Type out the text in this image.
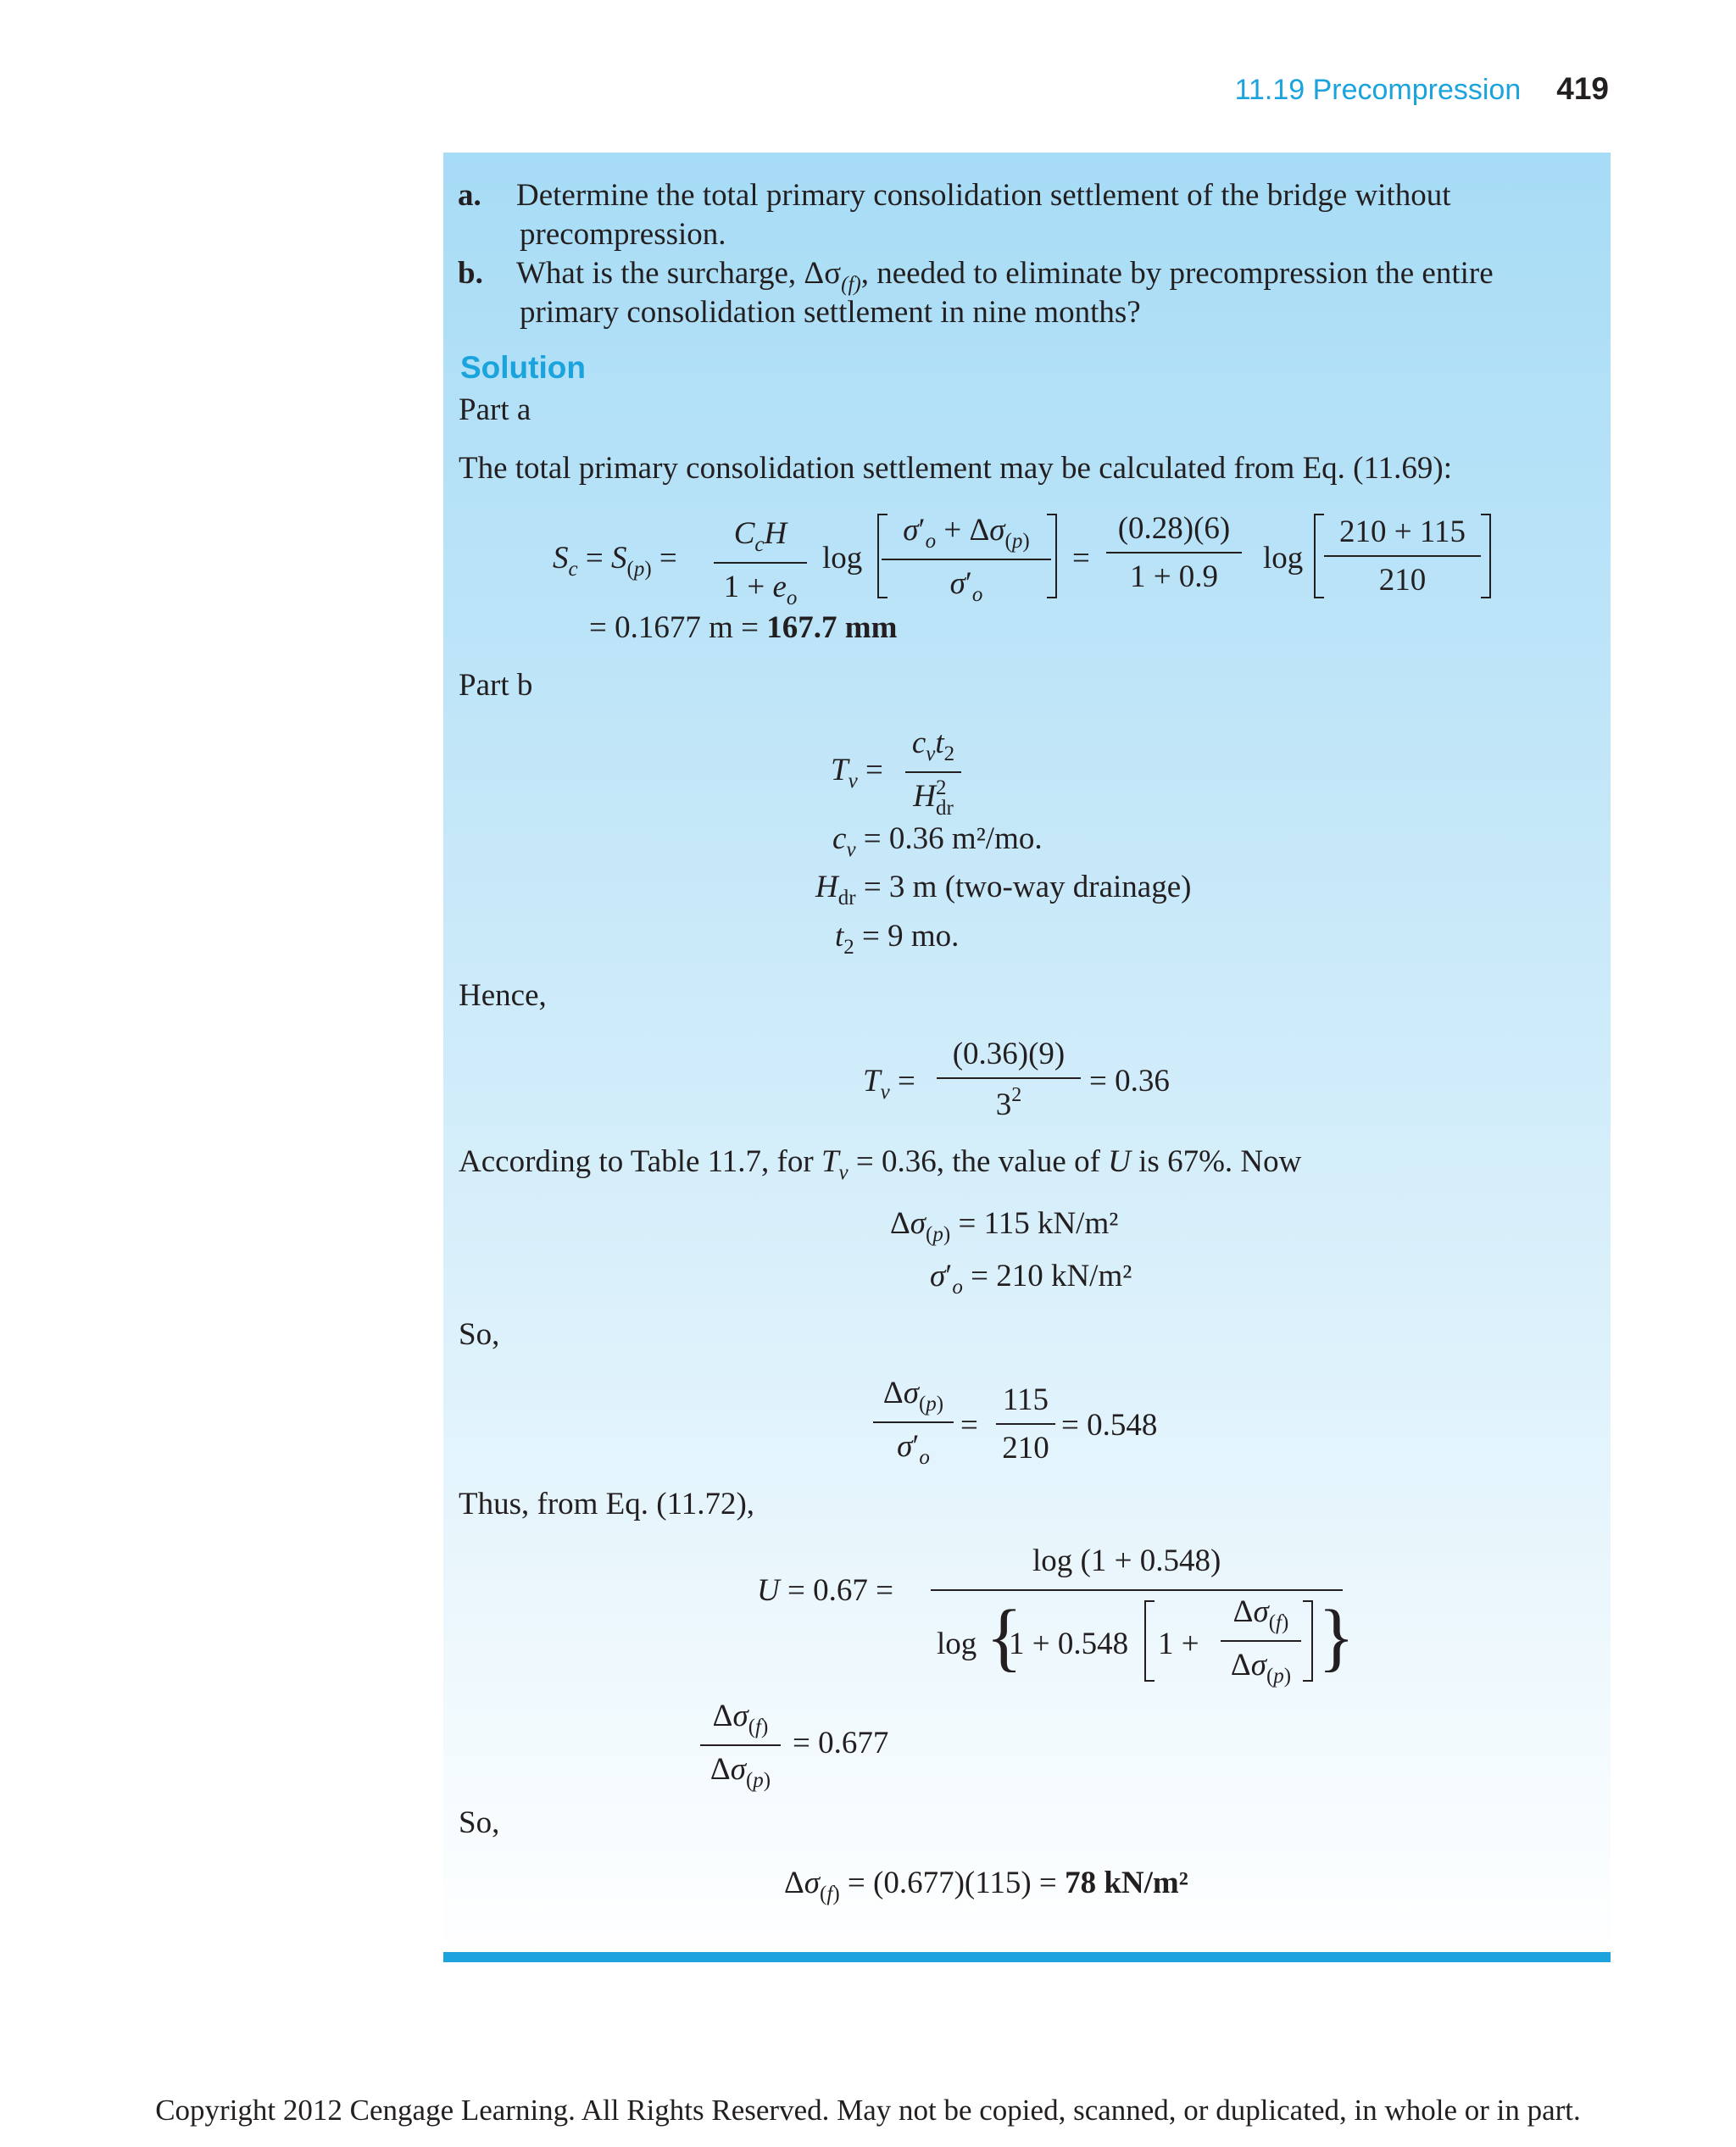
11.19 Precompression 419
a. Determine the total primary consolidation settlement of the bridge without
precompression.
b. What is the surcharge, $\Delta\sigma_{(f)}$, needed to eliminate by precompression the entire
primary consolidation settlement in nine months?
Solution
Part a
The total primary consolidation settlement may be calculated from Eq. (11.69):
$S_c = S_{(p)}$ =
$C_cH$
$1 + e_o$
log
$\sigma'_o + \Delta\sigma_{(p)}$
$\sigma'_o$
=
(0.28)(6)
1 + 0.9
log
210 + 115
210
= 0.1677 m = 167.7 mm
Part b
$T_v$ =
$c_vt_2$
H 2
dr
$c_v = 0.36$ m²/mo.
$H_{dr} = 3$ m (two-way drainage)
$t_2 = 9$ mo.
Hence,
$T_v$ =
(0.36)(9)
$3^2$	= 0.36
According to Table 11.7, for $T_v = 0.36$, the value of U is 67%. Now
$\Delta\sigma_{(p)} = 115$ kN/m²
$\sigma'_o = 210$ kN/m²
So,
$\Delta\sigma_{(p)}$
$\sigma'_o$
=
115
210
= 0.548
Thus, from Eq. (11.72),
U = 0.67 =
log (1 + 0.548)
log {
1 + 0.548 1 +
$\Delta\sigma_{(f)}$
$\Delta\sigma_{(p)}$ }
$\Delta\sigma_{(f)}$
$\Delta\sigma_{(p)}$
= 0.677
So,
$\Delta\sigma_{(f)} = (0.677)(115) = 78$ kN/m²
Copyright 2012 Cengage Learning. All Rights Reserved. May not be copied, scanned, or duplicated, in whole or in part.
